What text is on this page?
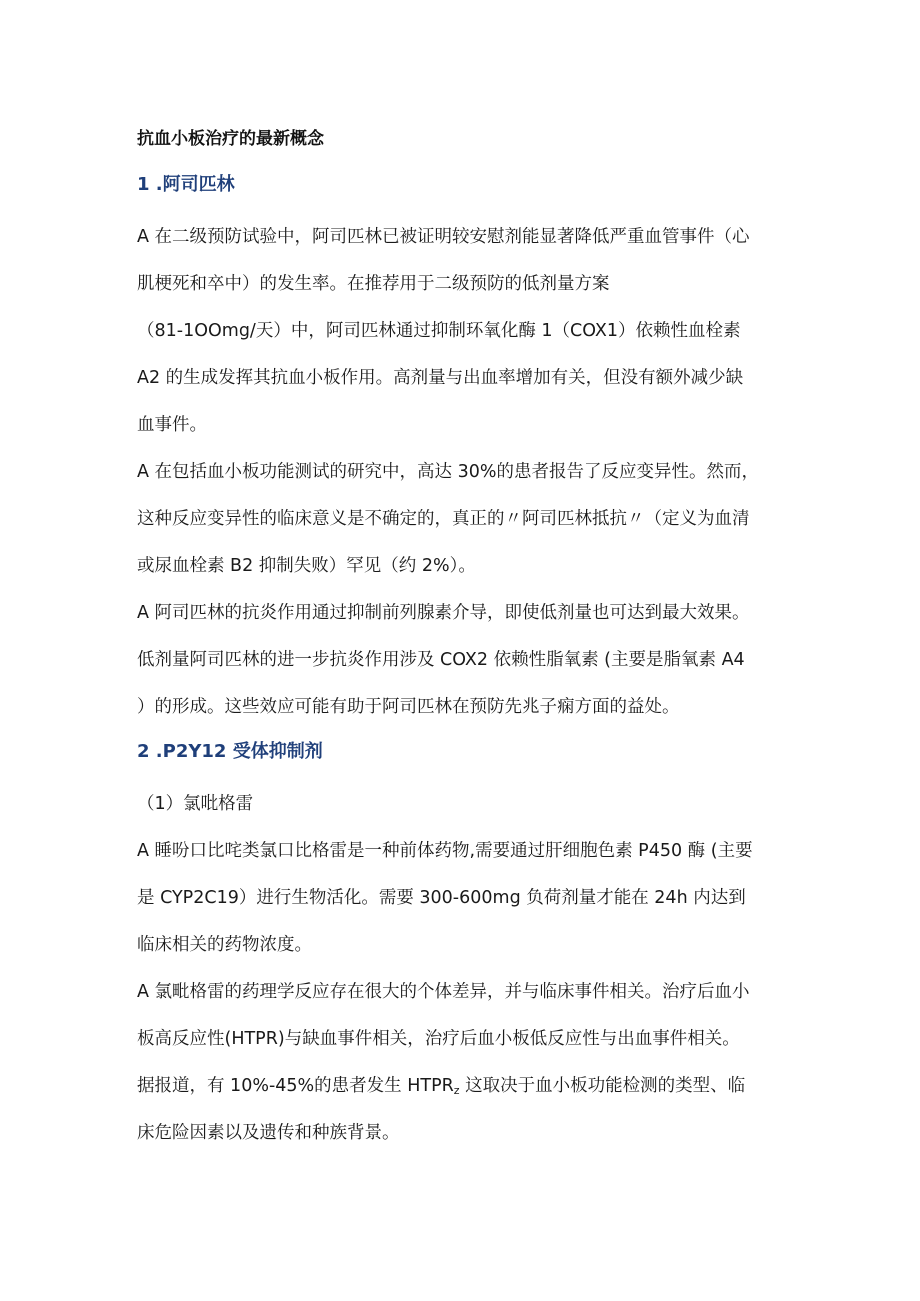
抗血小板治疗的最新概念
1 .阿司匹林
A 在二级预防试验中，阿司匹林已被证明较安慰剂能显著降低严重血管事件（心
肌梗死和卒中）的发生率。在推荐用于二级预防的低剂量方案
（81-1OOmg/天）中，阿司匹林通过抑制环氧化酶 1（COX1）依赖性血栓素
A2 的生成发挥其抗血小板作用。高剂量与出血率增加有关，但没有额外减少缺
血事件。
A 在包括血小板功能测试的研究中，高达 30%的患者报告了反应变异性。然而，
这种反应变异性的临床意义是不确定的，真正的〃阿司匹林抵抗〃（定义为血清
或尿血栓素 B2 抑制失败）罕见（约 2%）。
A 阿司匹林的抗炎作用通过抑制前列腺素介导，即使低剂量也可达到最大效果。
低剂量阿司匹林的进一步抗炎作用涉及 COX2 依赖性脂氧素 (主要是脂氧素 A4
）的形成。这些效应可能有助于阿司匹林在预防先兆子痫方面的益处。
2 .P2Y12 受体抑制剂
（1）氯吡格雷
A 睡吩口比咤类氯口比格雷是一种前体药物,需要通过肝细胞色素 P450 酶 (主要
是 CYP2C19）进行生物活化。需要 300-600mg 负荷剂量才能在 24h 内达到
临床相关的药物浓度。
A 氯毗格雷的药理学反应存在很大的个体差异，并与临床事件相关。治疗后血小
板高反应性(HTPR)与缺血事件相关，治疗后血小板低反应性与出血事件相关。
据报道，有 10%-45%的患者发生 $HTPR_z$ 这取决于血小板功能检测的类型、临
床危险因素以及遗传和种族背景。
